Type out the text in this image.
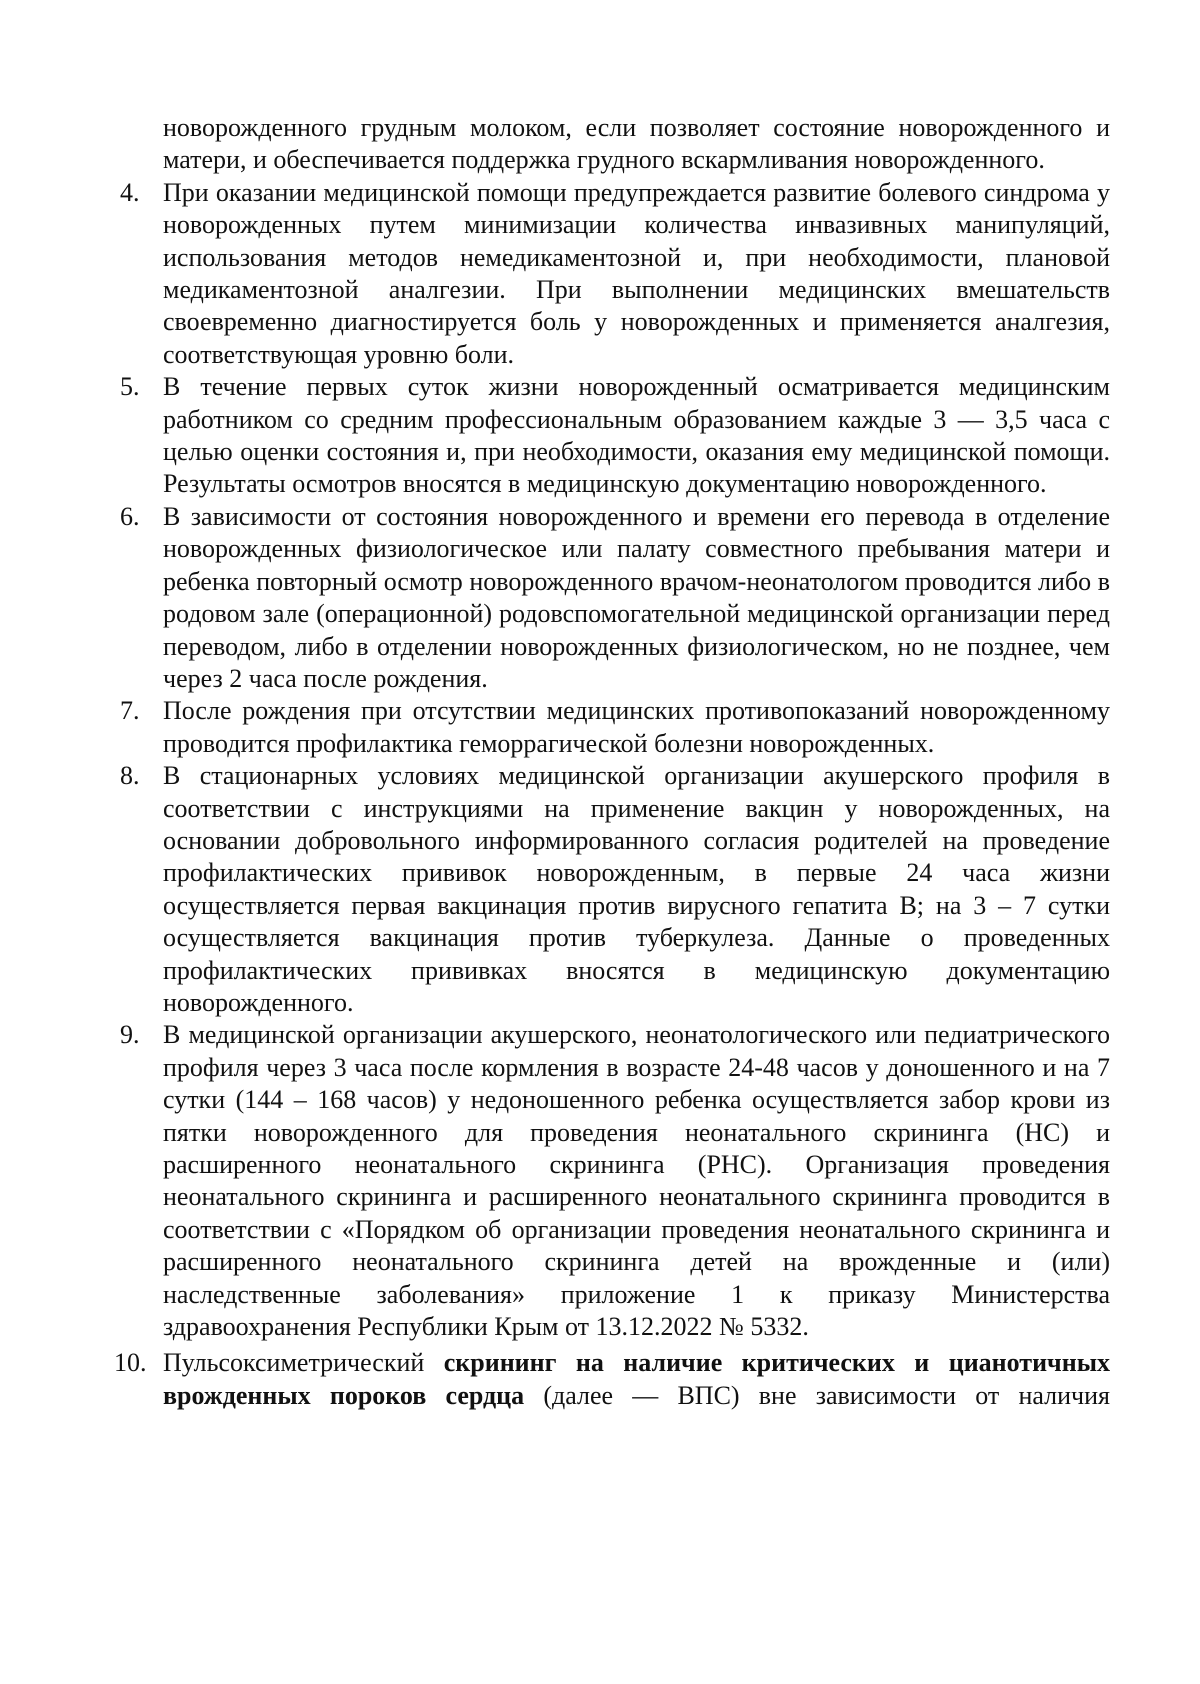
новорожденного грудным молоком, если позволяет состояние новорожденного и матери, и обеспечивается поддержка грудного вскармливания новорожденного.
4. При оказании медицинской помощи предупреждается развитие болевого синдрома у новорожденных путем минимизации количества инвазивных манипуляций, использования методов немедикаментозной и, при необходимости, плановой медикаментозной аналгезии. При выполнении медицинских вмешательств своевременно диагностируется боль у новорожденных и применяется аналгезия, соответствующая уровню боли.
5. В течение первых суток жизни новорожденный осматривается медицинским работником со средним профессиональным образованием каждые 3 — 3,5 часа с целью оценки состояния и, при необходимости, оказания ему медицинской помощи. Результаты осмотров вносятся в медицинскую документацию новорожденного.
6. В зависимости от состояния новорожденного и времени его перевода в отделение новорожденных физиологическое или палату совместного пребывания матери и ребенка повторный осмотр новорожденного врачом-неонатологом проводится либо в родовом зале (операционной) родовспомогательной медицинской организации перед переводом, либо в отделении новорожденных физиологическом, но не позднее, чем через 2 часа после рождения.
7. После рождения при отсутствии медицинских противопоказаний новорожденному проводится профилактика геморрагической болезни новорожденных.
8. В стационарных условиях медицинской организации акушерского профиля в соответствии с инструкциями на применение вакцин у новорожденных, на основании добровольного информированного согласия родителей на проведение профилактических прививок новорожденным, в первые 24 часа жизни осуществляется первая вакцинация против вирусного гепатита В; на 3 – 7 сутки осуществляется вакцинация против туберкулеза. Данные о проведенных профилактических прививках вносятся в медицинскую документацию новорожденного.
9. В медицинской организации акушерского, неонатологического или педиатрического профиля через 3 часа после кормления в возрасте 24-48 часов у доношенного и на 7 сутки (144 – 168 часов) у недоношенного ребенка осуществляется забор крови из пятки новорожденного для проведения неонатального скрининга (НС) и расширенного неонатального скрининга (РНС). Организация проведения неонатального скрининга и расширенного неонатального скрининга проводится в соответствии с «Порядком об организации проведения неонатального скрининга и расширенного неонатального скрининга детей на врожденные и (или) наследственные заболевания» приложение 1 к приказу Министерства здравоохранения Республики Крым от 13.12.2022 № 5332.
10. Пульсоксиметрический скрининг на наличие критических и цианотичных врожденных пороков сердца (далее — ВПС) вне зависимости от наличия
